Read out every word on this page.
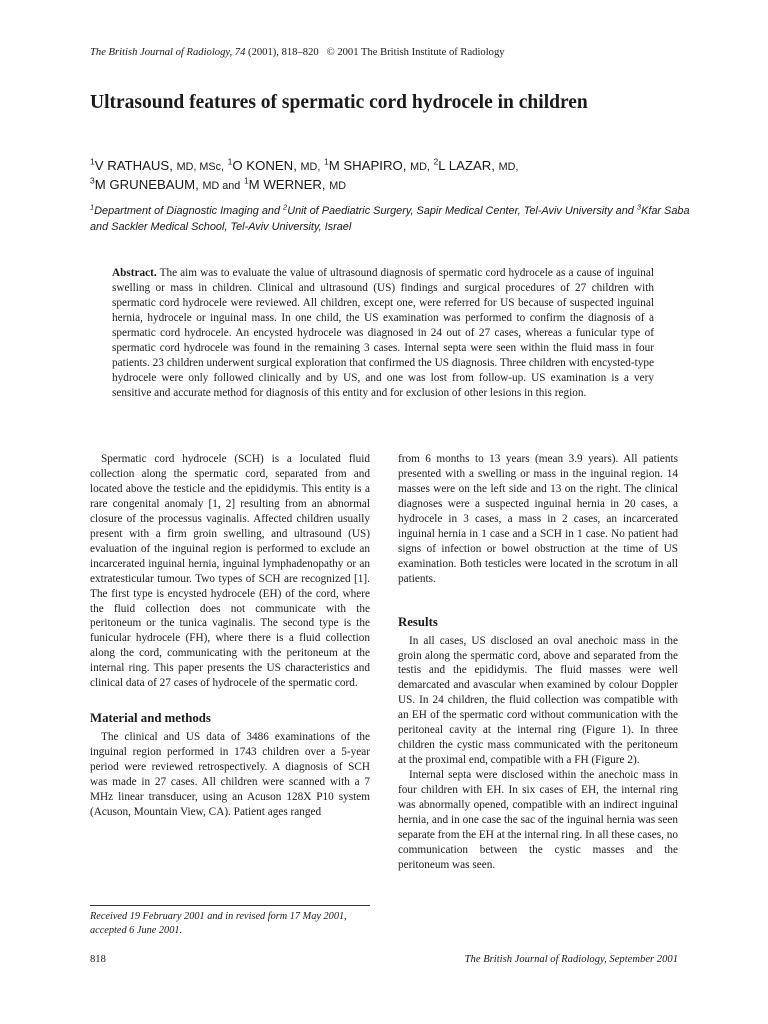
The British Journal of Radiology, 74 (2001), 818–820 © 2001 The British Institute of Radiology
Ultrasound features of spermatic cord hydrocele in children
$^1$V RATHAUS, MD, MSc, $^1$O KONEN, MD, $^1$M SHAPIRO, MD, $^2$L LAZAR, MD,
$^3$M GRUNEBAUM, MD and $^1$M WERNER, MD
$^1$Department of Diagnostic Imaging and $^2$Unit of Paediatric Surgery, Sapir Medical Center, Tel-Aviv University and $^3$Kfar Saba and Sackler Medical School, Tel-Aviv University, Israel
Abstract. The aim was to evaluate the value of ultrasound diagnosis of spermatic cord hydrocele as a cause of inguinal swelling or mass in children. Clinical and ultrasound (US) findings and surgical procedures of 27 children with spermatic cord hydrocele were reviewed. All children, except one, were referred for US because of suspected inguinal hernia, hydrocele or inguinal mass. In one child, the US examination was performed to confirm the diagnosis of a spermatic cord hydrocele. An encysted hydrocele was diagnosed in 24 out of 27 cases, whereas a funicular type of spermatic cord hydrocele was found in the remaining 3 cases. Internal septa were seen within the fluid mass in four patients. 23 children underwent surgical exploration that confirmed the US diagnosis. Three children with encysted-type hydrocele were only followed clinically and by US, and one was lost from follow-up. US examination is a very sensitive and accurate method for diagnosis of this entity and for exclusion of other lesions in this region.

Spermatic cord hydrocele (SCH) is a loculated fluid collection along the spermatic cord, separated from and located above the testicle and the epididymis. This entity is a rare congenital anomaly [1, 2] resulting from an abnormal closure of the processus vaginalis. Affected children usually present with a firm groin swelling, and ultrasound (US) evaluation of the inguinal region is performed to exclude an incarcerated inguinal hernia, inguinal lymphadenopathy or an extratesticular tumour. Two types of SCH are recognized [1]. The first type is encysted hydrocele (EH) of the cord, where the fluid collection does not communicate with the peritoneum or the tunica vaginalis. The second type is the funicular hydrocele (FH), where there is a fluid collection along the cord, communicating with the peritoneum at the internal ring. This paper presents the US characteristics and clinical data of 27 cases of hydrocele of the spermatic cord.

Material and methods

The clinical and US data of 3486 examinations of the inguinal region performed in 1743 children over a 5-year period were reviewed retrospectively. A diagnosis of SCH was made in 27 cases. All children were scanned with a 7 MHz linear transducer, using an Acuson 128X P10 system (Acuson, Mountain View, CA). Patient ages ranged

from 6 months to 13 years (mean 3.9 years). All patients presented with a swelling or mass in the inguinal region. 14 masses were on the left side and 13 on the right. The clinical diagnoses were a suspected inguinal hernia in 20 cases, a hydrocele in 3 cases, a mass in 2 cases, an incarcerated inguinal hernia in 1 case and a SCH in 1 case. No patient had signs of infection or bowel obstruction at the time of US examination. Both testicles were located in the scrotum in all patients.

Results

In all cases, US disclosed an oval anechoic mass in the groin along the spermatic cord, above and separated from the testis and the epididymis. The fluid masses were well demarcated and avascular when examined by colour Doppler US. In 24 children, the fluid collection was compatible with an EH of the spermatic cord without communication with the peritoneal cavity at the internal ring (Figure 1). In three children the cystic mass communicated with the peritoneum at the proximal end, compatible with a FH (Figure 2).

Internal septa were disclosed within the anechoic mass in four children with EH. In six cases of EH, the internal ring was abnormally opened, compatible with an indirect inguinal hernia, and in one case the sac of the inguinal hernia was seen separate from the EH at the internal ring. In all these cases, no communication between the cystic masses and the peritoneum was seen.

Received 19 February 2001 and in revised form 17 May 2001, accepted 6 June 2001.
818	The British Journal of Radiology, September 2001
